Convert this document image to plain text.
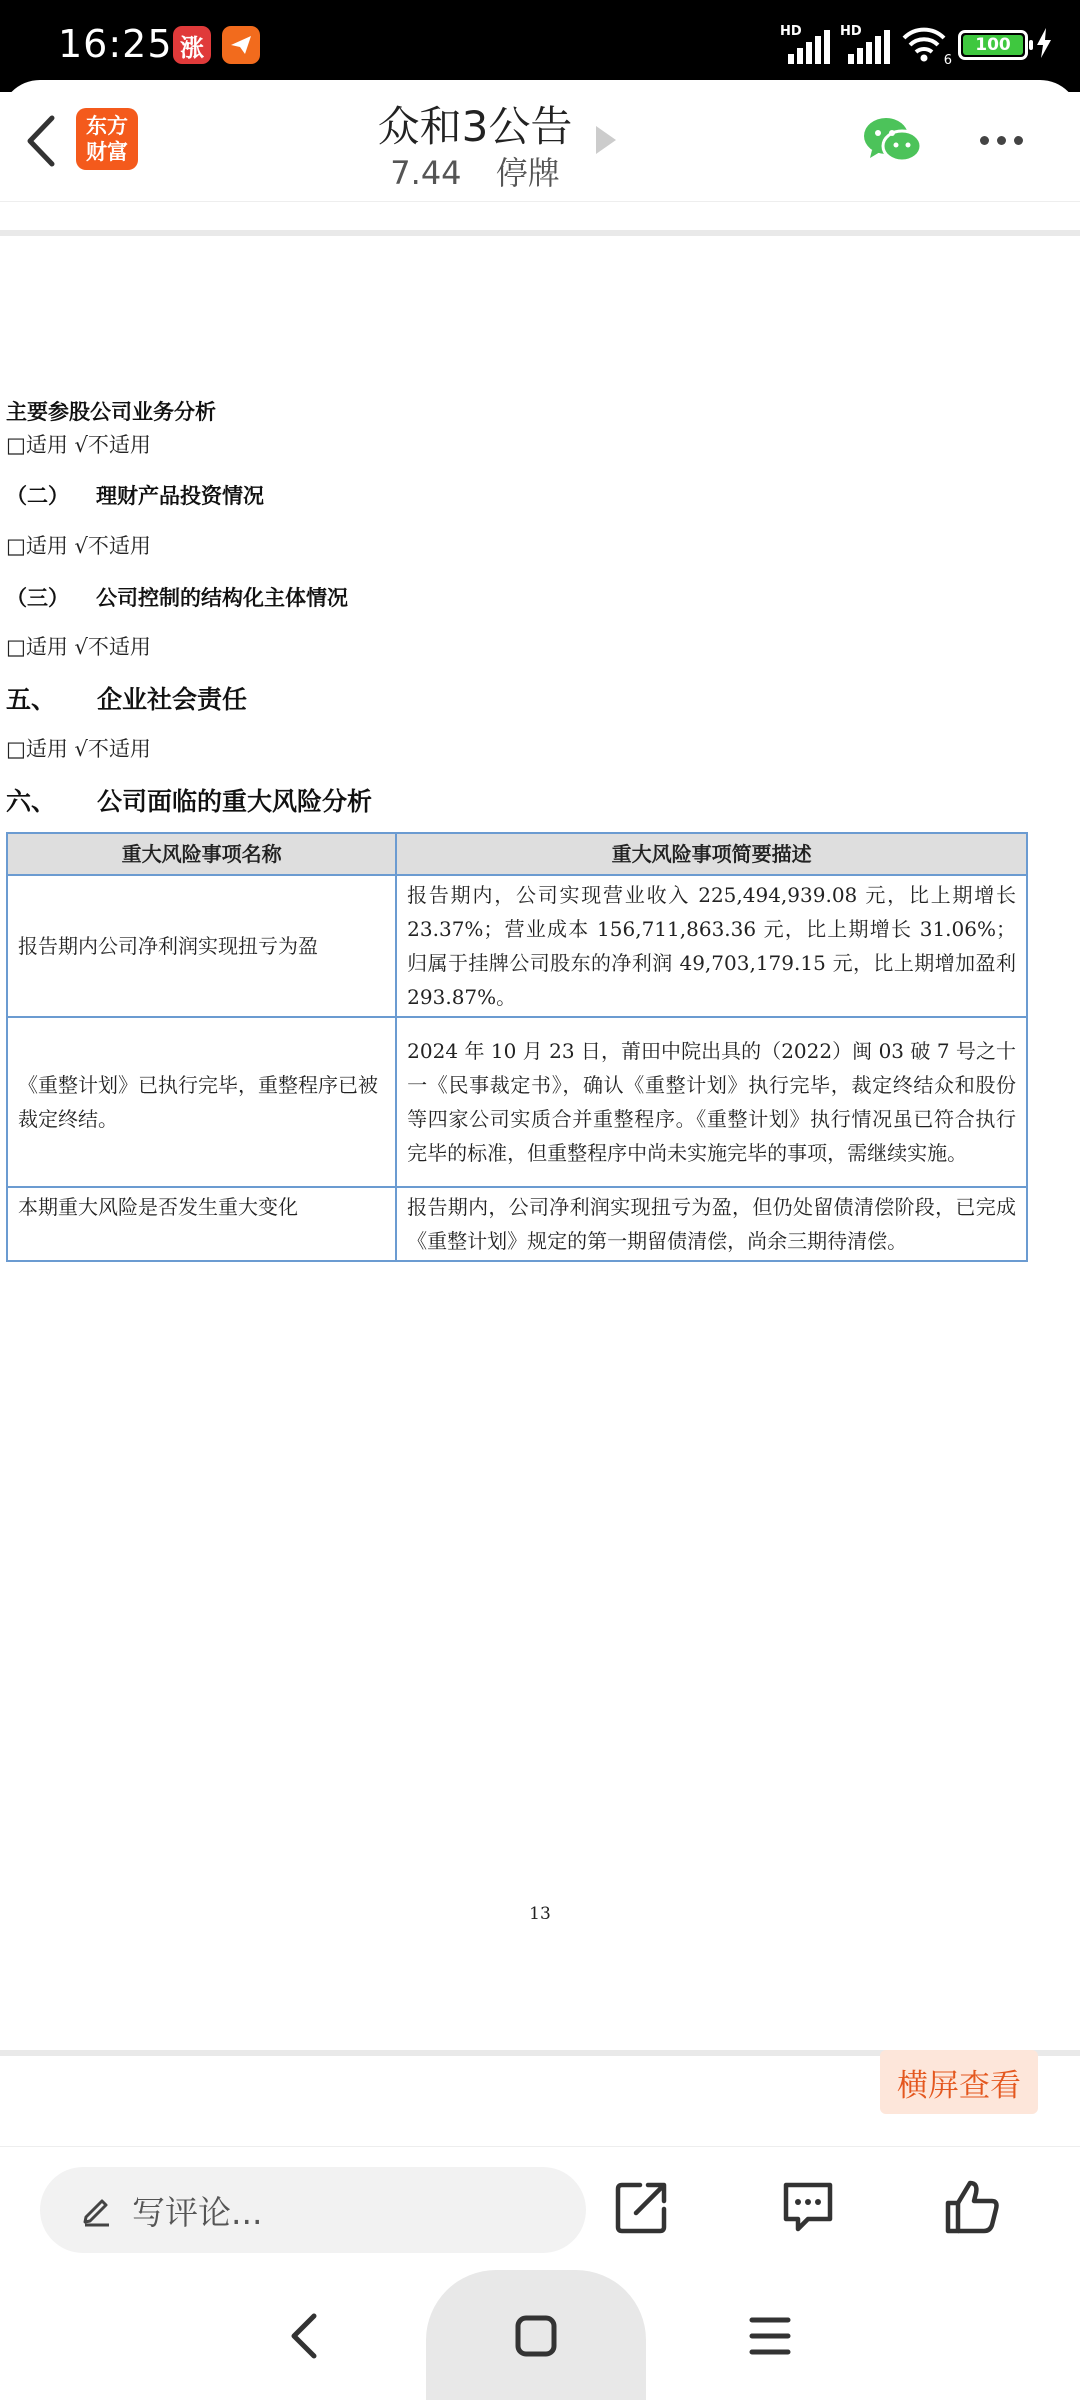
16:25 涨
HD	HD
6
100
东方
财富
众和3公告
7.44 停牌
主要参股公司业务分析
□适用 √不适用
（二） 理财产品投资情况
□适用 √不适用
（三） 公司控制的结构化主体情况
□适用 √不适用
五、 企业社会责任
□适用 √不适用
六、 公司面临的重大风险分析
重大风险事项名称	重大风险事项简要描述
报告期内公司净利润实现扭亏为盈	报告期内，公司实现营业收入 225,494,939.08 元，比上期增长 23.37%；营业成本 156,711,863.36 元，比上期增长 31.06%；归属于挂牌公司股东的净利润 49,703,179.15 元，比上期增加盈利 293.87%。
《重整计划》已执行完毕，重整程序已被裁定终结。	2024 年 10 月 23 日，莆田中院出具的（2022）闽 03 破 7 号之十一《民事裁定书》，确认《重整计划》执行完毕，裁定终结众和股份等四家公司实质合并重整程序。《重整计划》执行情况虽已符合执行完毕的标准，但重整程序中尚未实施完毕的事项，需继续实施。
本期重大风险是否发生重大变化	报告期内，公司净利润实现扭亏为盈，但仍处留债清偿阶段，已完成《重整计划》规定的第一期留债清偿，尚余三期待清偿。
13
横屏查看
写评论...
